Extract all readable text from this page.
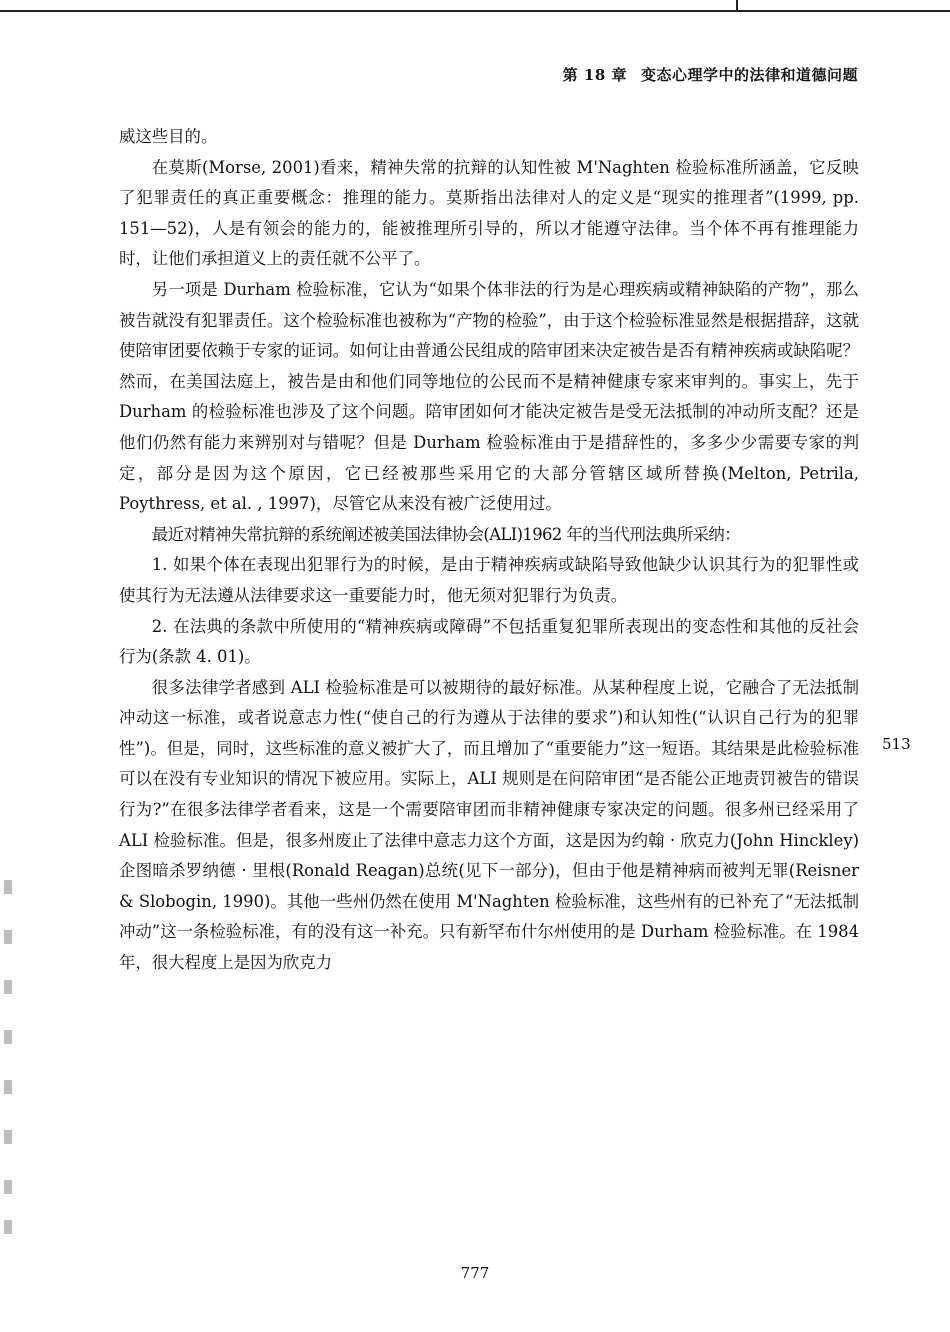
第 18 章 变态心理学中的法律和道德问题

威这些目的。

在莫斯(Morse, 2001)看来，精神失常的抗辩的认知性被 M'Naghten 检验标准所涵盖，它反映了犯罪责任的真正重要概念：推理的能力。莫斯指出法律对人的定义是“现实的推理者”(1999, pp. 151—52)，人是有领会的能力的，能被推理所引导的，所以才能遵守法律。当个体不再有推理能力时，让他们承担道义上的责任就不公平了。

另一项是 Durham 检验标准，它认为“如果个体非法的行为是心理疾病或精神缺陷的产物”，那么被告就没有犯罪责任。这个检验标准也被称为“产物的检验”，由于这个检验标准显然是根据措辞，这就使陪审团要依赖于专家的证词。如何让由普通公民组成的陪审团来决定被告是否有精神疾病或缺陷呢？然而，在美国法庭上，被告是由和他们同等地位的公民而不是精神健康专家来审判的。事实上，先于 Durham 的检验标准也涉及了这个问题。陪审团如何才能决定被告是受无法抵制的冲动所支配？还是他们仍然有能力来辨别对与错呢？但是 Durham 检验标准由于是措辞性的，多多少少需要专家的判定，部分是因为这个原因，它已经被那些采用它的大部分管辖区域所替换(Melton, Petrila, Poythress, et al. , 1997)，尽管它从来没有被广泛使用过。

最近对精神失常抗辩的系统阐述被美国法律协会(ALI)1962 年的当代刑法典所采纳：

1. 如果个体在表现出犯罪行为的时候，是由于精神疾病或缺陷导致他缺少认识其行为的犯罪性或使其行为无法遵从法律要求这一重要能力时，他无须对犯罪行为负责。

2. 在法典的条款中所使用的“精神疾病或障碍”不包括重复犯罪所表现出的变态性和其他的反社会行为(条款 4. 01)。

很多法律学者感到 ALI 检验标准是可以被期待的最好标准。从某种程度上说，它融合了无法抵制冲动这一标准，或者说意志力性(“使自己的行为遵从于法律的要求”)和认知性(“认识自己行为的犯罪性”)。但是，同时，这些标准的意义被扩大了，而且增加了“重要能力”这一短语。其结果是此检验标准可以在没有专业知识的情况下被应用。实际上，ALI 规则是在问陪审团“是否能公正地责罚被告的错误行为?”在很多法律学者看来，这是一个需要陪审团而非精神健康专家决定的问题。很多州已经采用了 ALI 检验标准。但是，很多州废止了法律中意志力这个方面，这是因为约翰 · 欣克力(John Hinckley)企图暗杀罗纳德 · 里根(Ronald Reagan)总统(见下一部分)，但由于他是精神病而被判无罪(Reisner & Slobogin, 1990)。其他一些州仍然在使用 M'Naghten 检验标准，这些州有的已补充了“无法抵制冲动”这一条检验标准，有的没有这一补充。只有新罕布什尔州使用的是 Durham 检验标准。在 1984 年，很大程度上是因为欣克力

513
777
